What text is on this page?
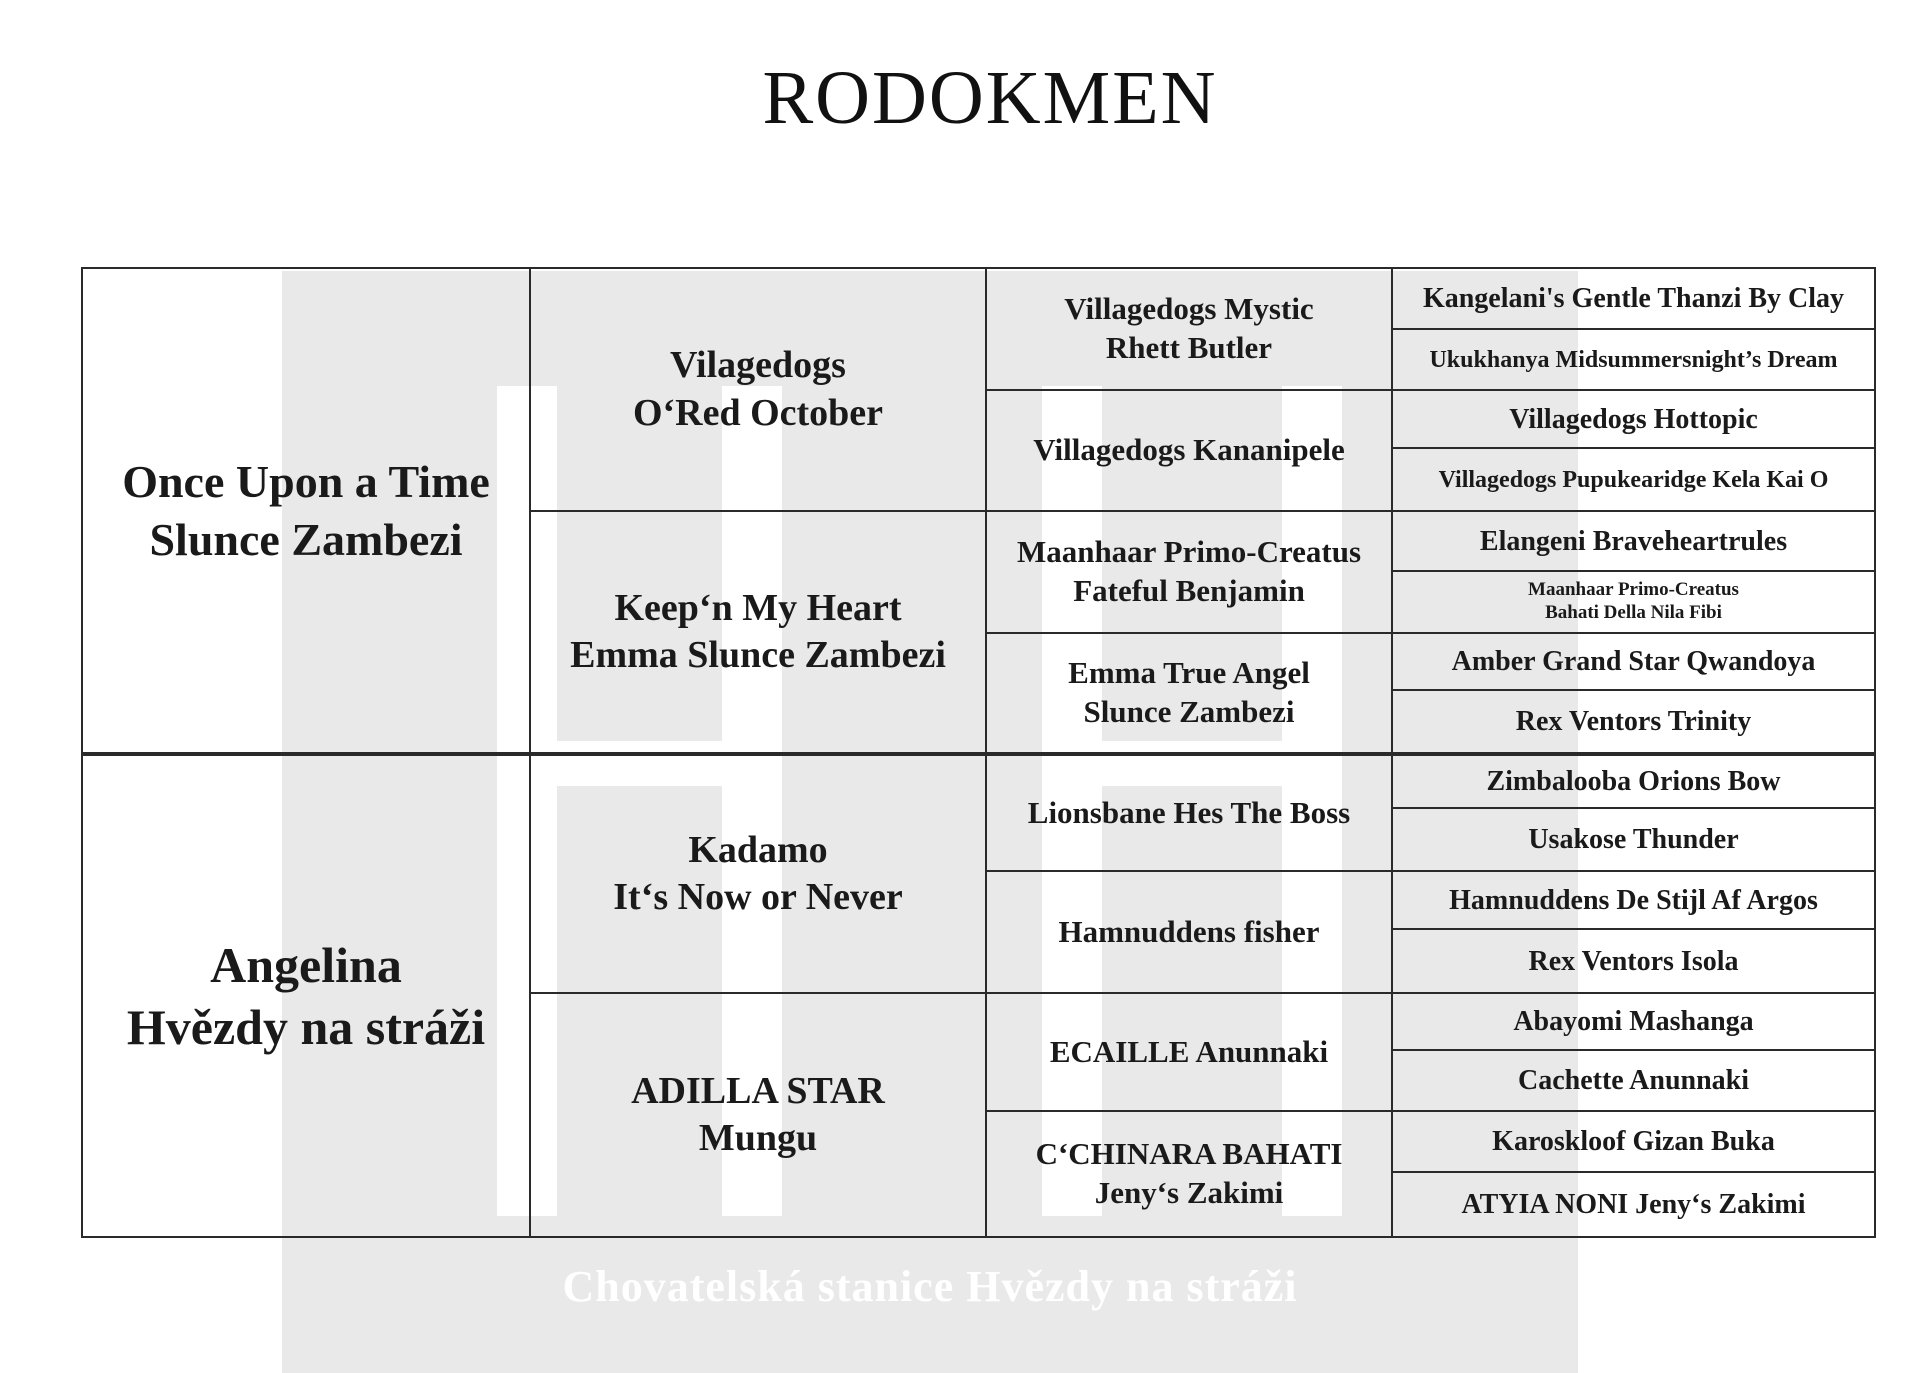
Chovatelská stanice Hvězdy na stráži
RODOKMEN
Once Upon a Time
Slunce Zambezi
Angelina
Hvězdy na stráži
Vilagedogs
O‘Red October
Keep‘n My Heart
Emma Slunce Zambezi
Kadamo
It‘s Now or Never
ADILLA STAR
Mungu
Villagedogs Mystic
Rhett Butler
Villagedogs Kananipele
Maanhaar Primo-Creatus
Fateful Benjamin
Emma True Angel
Slunce Zambezi
Lionsbane Hes The Boss
Hamnuddens fisher
ECAILLE Anunnaki
C‘CHINARA BAHATI
Jeny‘s Zakimi
Kangelani's Gentle Thanzi By Clay
Ukukhanya Midsummersnight’s Dream
Villagedogs Hottopic
Villagedogs Pupukearidge Kela Kai O
Elangeni Braveheartrules
Maanhaar Primo-Creatus
Bahati Della Nila Fibi
Amber Grand Star Qwandoya
Rex Ventors Trinity
Zimbalooba Orions Bow
Usakose Thunder
Hamnuddens De Stijl Af Argos
Rex Ventors Isola
Abayomi Mashanga
Cachette Anunnaki
Karoskloof Gizan Buka
ATYIA NONI Jeny‘s Zakimi
